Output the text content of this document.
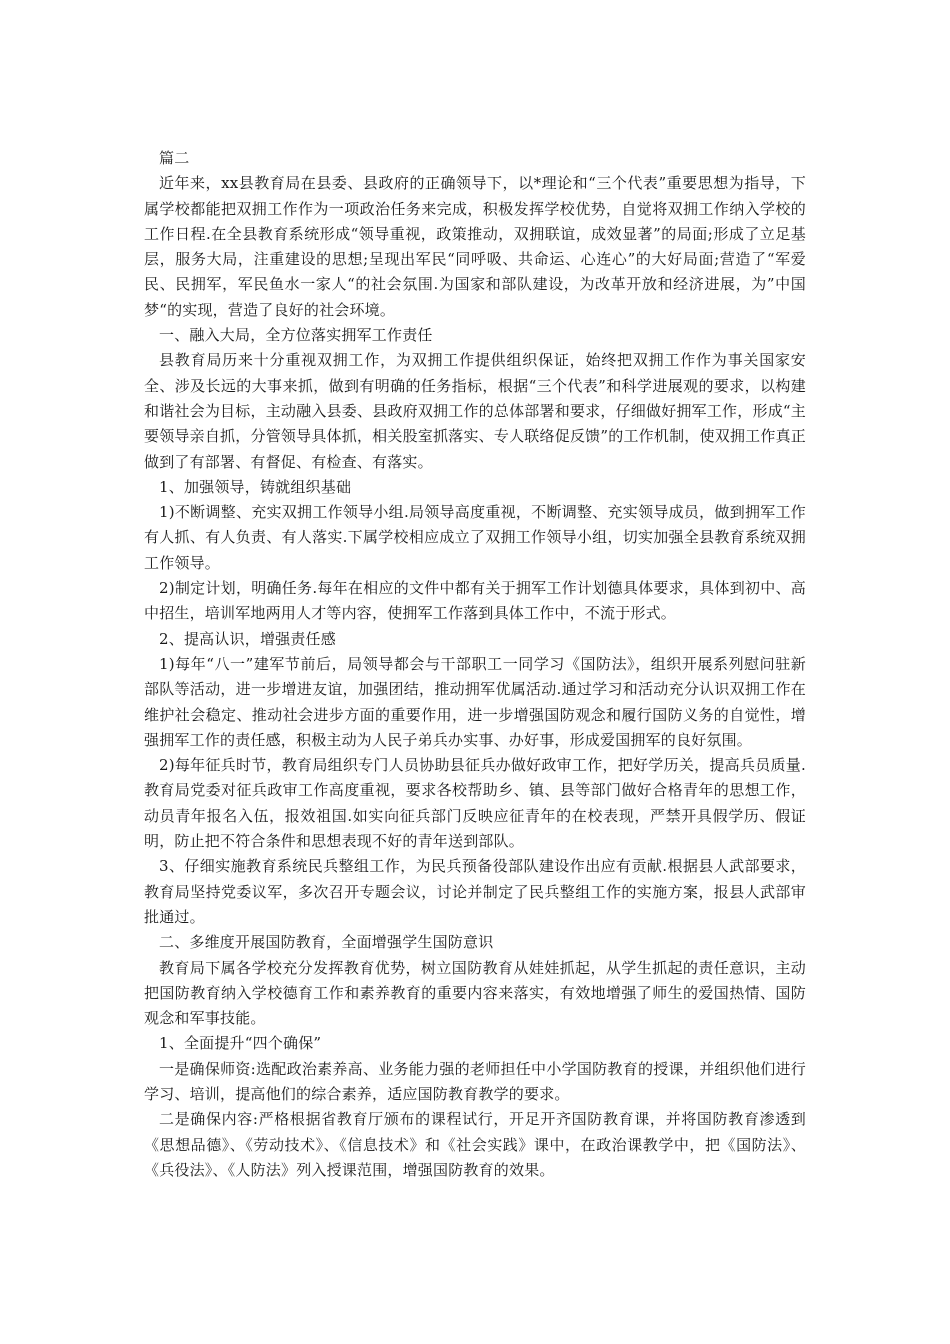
篇二

近年来，xx县教育局在县委、县政府的正确领导下，以*理论和“三个代表”重要思想为指导，下属学校都能把双拥工作作为一项政治任务来完成，积极发挥学校优势，自觉将双拥工作纳入学校的工作日程.在全县教育系统形成“领导重视，政策推动，双拥联谊，成效显著”的局面;形成了立足基层，服务大局，注重建设的思想;呈现出军民“同呼吸、共命运、心连心”的大好局面;营造了“军爱民、民拥军，军民鱼水一家人“的社会氛围.为国家和部队建设，为改革开放和经济进展，为”中国梦“的实现，营造了良好的社会环境。

一、融入大局，全方位落实拥军工作责任

县教育局历来十分重视双拥工作，为双拥工作提供组织保证，始终把双拥工作作为事关国家安全、涉及长远的大事来抓，做到有明确的任务指标，根据“三个代表”和科学进展观的要求，以构建和谐社会为目标，主动融入县委、县政府双拥工作的总体部署和要求，仔细做好拥军工作，形成“主要领导亲自抓，分管领导具体抓，相关股室抓落实、专人联络促反馈”的工作机制，使双拥工作真正做到了有部署、有督促、有检查、有落实。

1、加强领导，铸就组织基础

1)不断调整、充实双拥工作领导小组.局领导高度重视，不断调整、充实领导成员，做到拥军工作有人抓、有人负责、有人落实.下属学校相应成立了双拥工作领导小组，切实加强全县教育系统双拥工作领导。

2)制定计划，明确任务.每年在相应的文件中都有关于拥军工作计划德具体要求，具体到初中、高中招生，培训军地两用人才等内容，使拥军工作落到具体工作中，不流于形式。

2、提高认识，增强责任感

1)每年“八一”建军节前后，局领导都会与干部职工一同学习《国防法》，组织开展系列慰问驻新部队等活动，进一步增进友谊，加强团结，推动拥军优属活动.通过学习和活动充分认识双拥工作在维护社会稳定、推动社会进步方面的重要作用，进一步增强国防观念和履行国防义务的自觉性，增强拥军工作的责任感，积极主动为人民子弟兵办实事、办好事，形成爱国拥军的良好氛围。

2)每年征兵时节，教育局组织专门人员协助县征兵办做好政审工作，把好学历关，提高兵员质量.教育局党委对征兵政审工作高度重视，要求各校帮助乡、镇、县等部门做好合格青年的思想工作，动员青年报名入伍，报效祖国.如实向征兵部门反映应征青年的在校表现，严禁开具假学历、假证明，防止把不符合条件和思想表现不好的青年送到部队。

3、仔细实施教育系统民兵整组工作，为民兵预备役部队建设作出应有贡献.根据县人武部要求，教育局坚持党委议军，多次召开专题会议，讨论并制定了民兵整组工作的实施方案，报县人武部审批通过。

二、多维度开展国防教育，全面增强学生国防意识

教育局下属各学校充分发挥教育优势，树立国防教育从娃娃抓起，从学生抓起的责任意识，主动把国防教育纳入学校德育工作和素养教育的重要内容来落实，有效地增强了师生的爱国热情、国防观念和军事技能。

1、全面提升“四个确保”

一是确保师资:选配政治素养高、业务能力强的老师担任中小学国防教育的授课，并组织他们进行学习、培训，提高他们的综合素养，适应国防教育教学的要求。

二是确保内容:严格根据省教育厅颁布的课程试行，开足开齐国防教育课，并将国防教育渗透到《思想品德》、《劳动技术》、《信息技术》和《社会实践》课中，在政治课教学中，把《国防法》、《兵役法》、《人防法》列入授课范围，增强国防教育的效果。
